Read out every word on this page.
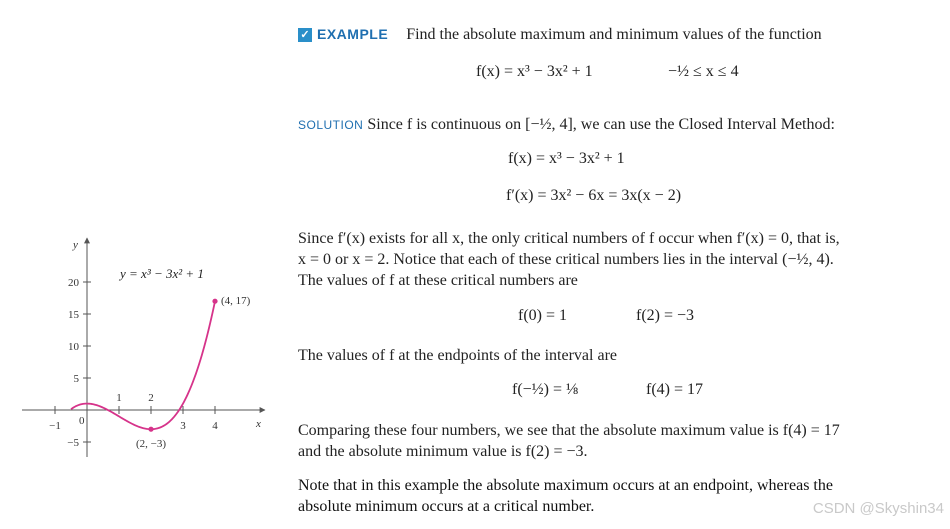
✓ EXAMPLE Find the absolute maximum and minimum values of the function
f(x) = x³ − 3x² + 1	−½ ≤ x ≤ 4
SOLUTION Since f is continuous on [−½, 4], we can use the Closed Interval Method:
f(x) = x³ − 3x² + 1
f′(x) = 3x² − 6x = 3x(x − 2)
Since f′(x) exists for all x, the only critical numbers of f occur when f′(x) = 0, that is,
x = 0 or x = 2. Notice that each of these critical numbers lies in the interval (−½, 4).
The values of f at these critical numbers are
f(0) = 1	f(2) = −3
The values of f at the endpoints of the interval are
f(−½) = ⅛	f(4) = 17
Comparing these four numbers, we see that the absolute maximum value is f(4) = 17
and the absolute minimum value is f(2) = −3.
Note that in this example the absolute maximum occurs at an endpoint, whereas the
absolute minimum occurs at a critical number.	CSDN @Skyshin34
x
y
0
−1
1 2
3 4
−5
5
10
15
20
(4, 17)
(2, −3)
y = x³ − 3x² + 1
